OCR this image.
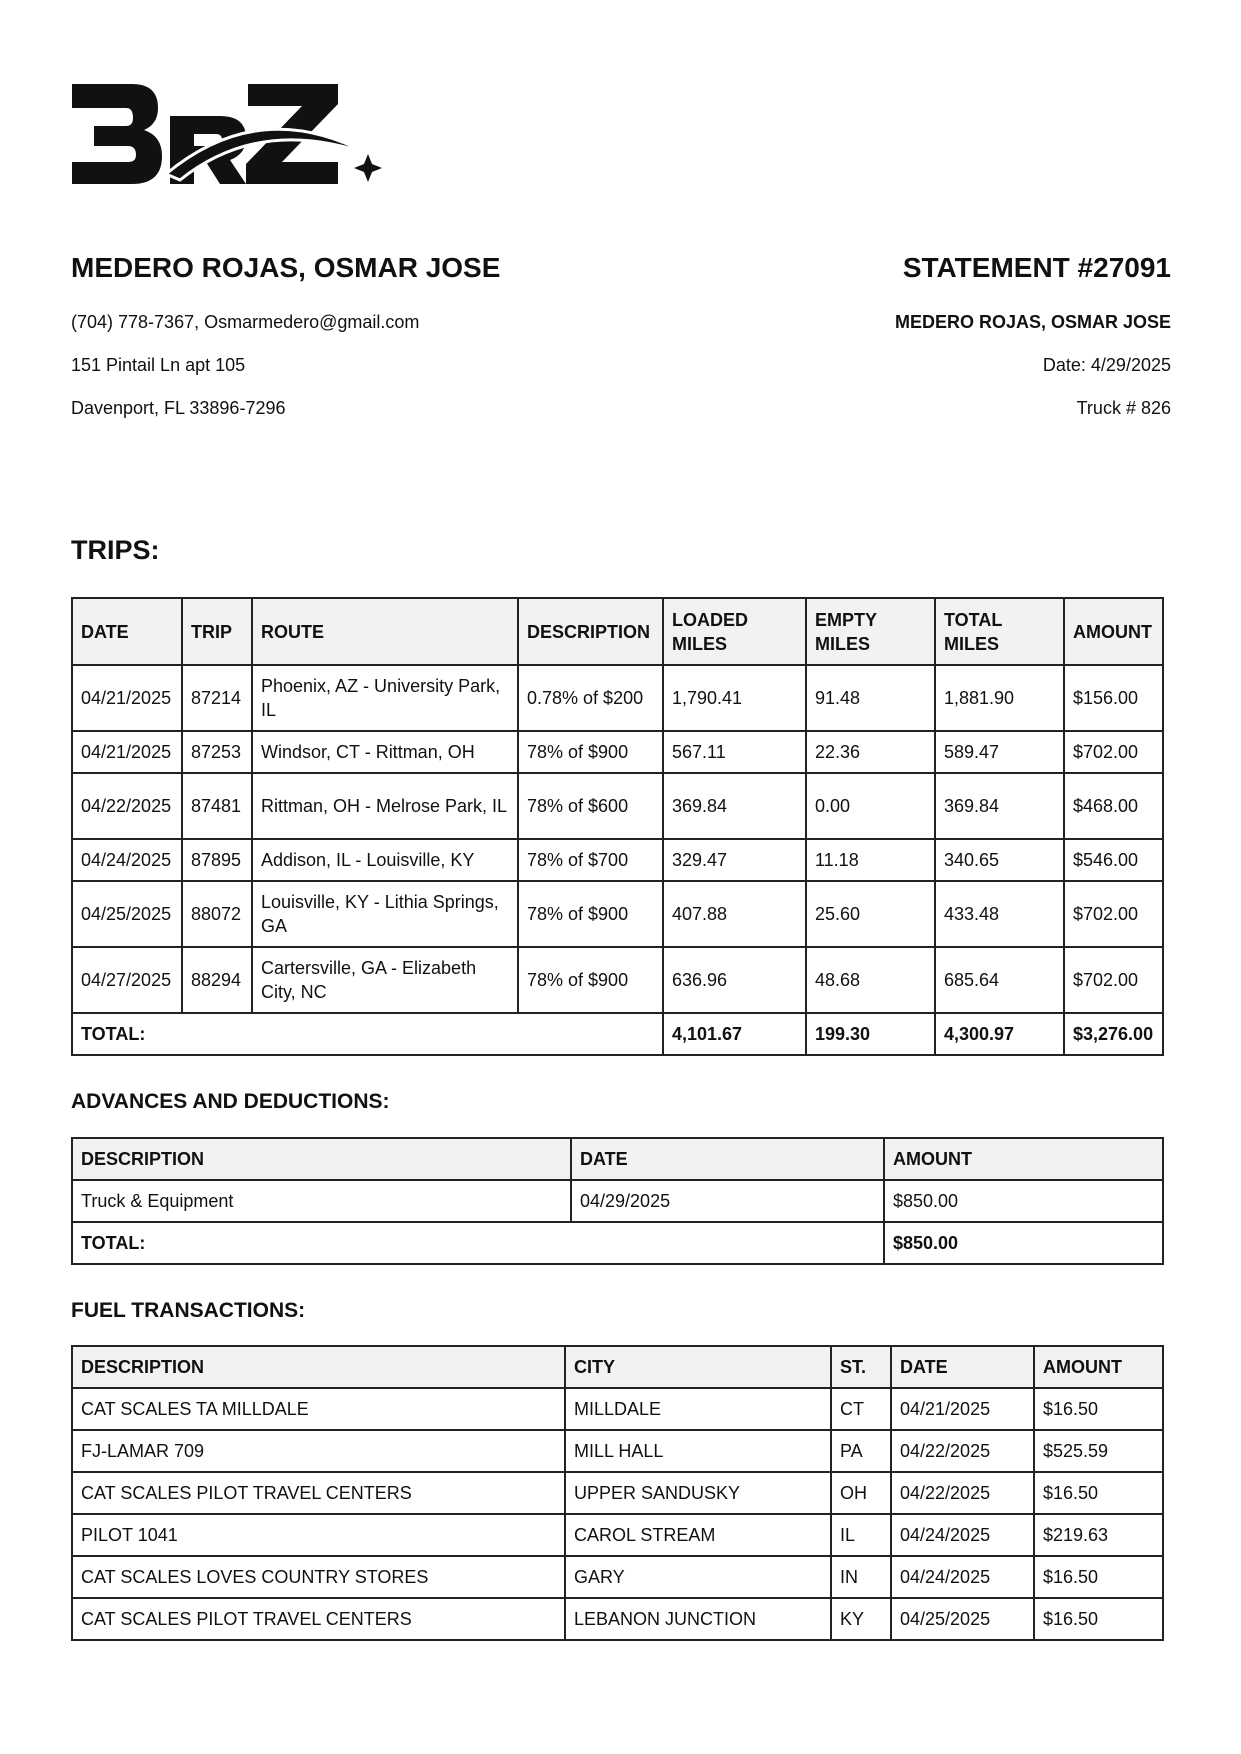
MEDERO ROJAS, OSMAR JOSE
(704) 778-7367, Osmarmedero@gmail.com
151 Pintail Ln apt 105
Davenport, FL 33896-7296
STATEMENT #27091
MEDERO ROJAS, OSMAR JOSE
Date: 4/29/2025
Truck # 826
TRIPS:
DATE	TRIP	ROUTE	DESCRIPTION	LOADED MILES	EMPTY MILES	TOTAL MILES	AMOUNT
04/21/2025	87214	Phoenix, AZ - University Park, IL	0.78% of $200	1,790.41	91.48	1,881.90	$156.00
04/21/2025	87253	Windsor, CT - Rittman, OH	78% of $900	567.11	22.36	589.47	$702.00
04/22/2025	87481	Rittman, OH - Melrose Park, IL	78% of $600	369.84	0.00	369.84	$468.00
04/24/2025	87895	Addison, IL - Louisville, KY	78% of $700	329.47	11.18	340.65	$546.00
04/25/2025	88072	Louisville, KY - Lithia Springs, GA	78% of $900	407.88	25.60	433.48	$702.00
04/27/2025	88294	Cartersville, GA - Elizabeth City, NC	78% of $900	636.96	48.68	685.64	$702.00
TOTAL:				4,101.67	199.30	4,300.97	$3,276.00
ADVANCES AND DEDUCTIONS:
DESCRIPTION	DATE	AMOUNT
Truck & Equipment	04/29/2025	$850.00
TOTAL:		$850.00
FUEL TRANSACTIONS:
DESCRIPTION	CITY	ST.	DATE	AMOUNT
CAT SCALES TA MILLDALE	MILLDALE	CT	04/21/2025	$16.50
FJ-LAMAR 709	MILL HALL	PA	04/22/2025	$525.59
CAT SCALES PILOT TRAVEL CENTERS	UPPER SANDUSKY	OH	04/22/2025	$16.50
PILOT 1041	CAROL STREAM	IL	04/24/2025	$219.63
CAT SCALES LOVES COUNTRY STORES	GARY	IN	04/24/2025	$16.50
CAT SCALES PILOT TRAVEL CENTERS	LEBANON JUNCTION	KY	04/25/2025	$16.50
